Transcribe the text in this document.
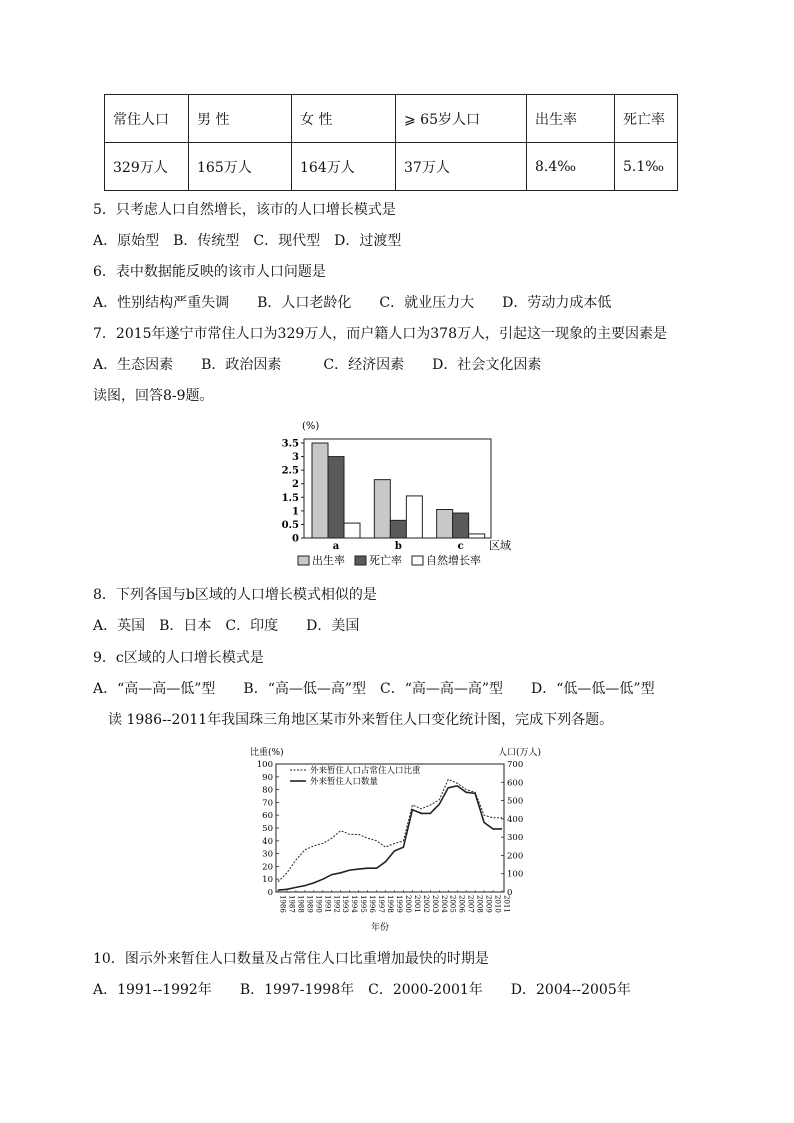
常住人口	男 性	女 性	⩾ 65岁人口	出生率	死亡率
329万人	165万人	164万人	37万人	8.4‰	5.1‰
5．只考虑人口自然增长，该市的人口增长模式是
A．原始型　B．传统型　C．现代型　D．过渡型
6．表中数据能反映的该市人口问题是
A．性别结构严重失调　　B．人口老龄化　　C．就业压力大　　D．劳动力成本低
7．2015年遂宁市常住人口为329万人，而户籍人口为378万人，引起这一现象的主要因素是
A．生态因素　　B．政治因素　　　C．经济因素　　D．社会文化因素
读图，回答8-9题。
(%)
0
0.5
1
1.5
2
2.5
3
3.5
a	b	c 区域
出生率 死亡率 自然增长率
8．下列各国与b区域的人口增长模式相似的是
A．英国　B．日本　C．印度　　D．美国
9．c区域的人口增长模式是
A．“高—高—低”型　　B．“高—低—高”型　C．“高—高—高”型　　D．“低—低—低”型
读 1986--2011年我国珠三角地区某市外来暂住人口变化统计图，完成下列各题。
比重(%)	人口(万人)
0
10
20
30
40
50
60
70
80
90
100
0
100
200
300
400
500
600
700
1986 1987 1988 1989 1990 1991 1992 1993 1994 1995 1996 1997 1998 1999 2000 2001 2002 2003 2004 2005 2006 2007 2008 2009 2010 2011
年份
外来暂住人口占常住人口比重
外来暂住人口数量
10．图示外来暂住人口数量及占常住人口比重增加最快的时期是
A．1991--1992年　　B．1997-1998年　C．2000-2001年　　D．2004--2005年
